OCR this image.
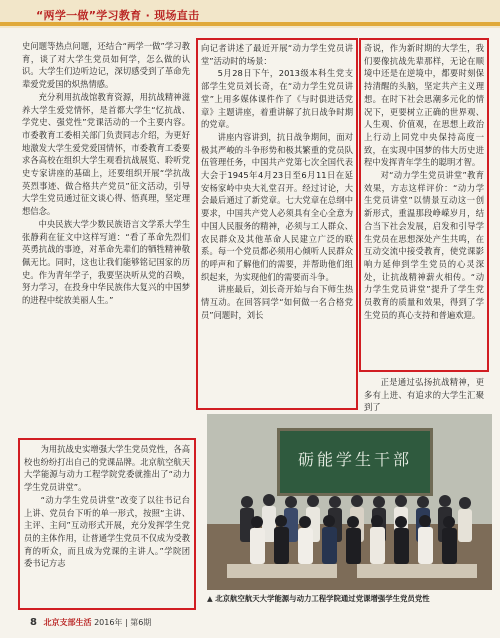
“两学一做”学习教育 · 现场直击

史问题等热点问题，还结合“两学一做”学习教育，谈了对大学生党员如何学，怎么做的认识。大学生们边听边记，深切感受到了革命先辈爱党爱国的炽热情感。

充分利用抗战馆教育资源，用抗战精神滋养大学生爱党情怀，是首都大学生“忆抗战、学党史、强党性”党课活动的一个主要内容。市委教育工委相关部门负责同志介绍，为更好地激发大学生爱党爱国情怀，市委教育工委要求各高校在组织大学生观看抗战展览、聆听党史专家讲座的基础上，还要组织开展“学抗战英烈事迹、做合格共产党员”征文活动，引导大学生党员通过征文谈心得、悟真理，坚定理想信念。

中央民族大学少数民族语言文学系大学生张静莉在征文中这样写道：“看了革命先烈们英勇抗战的事迹，对革命先辈们的牺牲精神敬佩无比。同时，这也让我们能够铭记国家的历史。作为青年学子，我要坚决听从党的召唤，努力学习，在投身中华民族伟大复兴的中国梦的进程中绽放美丽人生。”

为用抗战史实增强大学生党员党性，各高校也纷纷打出自己的党课品牌。北京航空航天大学能源与动力工程学院党委就推出了“动力学生党员讲堂”。

“动力学生党员讲堂”改变了以往书记台上讲、党员台下听的单一形式，按照“主讲、主评、主问”互动形式开展，充分发挥学生党员的主体作用，让普通学生党员不仅成为受教育的听众，而且成为党课的主讲人。”学院团委书记方志

向记者讲述了最近开展“动力学生党员讲堂”活动时的场景：

5月28日下午，2013级本科生党支部学生党员刘长奇，在“动力学生党员讲堂”上用多媒体课件作了《与时俱进话党章》主题讲座，着重讲解了抗日战争时期的党章。

讲座内容讲到，抗日战争期间，面对极其严峻的斗争形势和极其繁重的党员队伍管理任务，中国共产党第七次全国代表大会于1945年4月23日至6月11日在延安杨家岭中央大礼堂召开。经过讨论，大会最后通过了新党章。七大党章在总纲中要求，中国共产党人必须具有全心全意为中国人民服务的精神，必须与工人群众、农民群众及其他革命人民建立广泛的联系。每一个党员都必须用心倾听人民群众的呼声和了解他们的需要，并帮助他们组织起来，为实现他们的需要而斗争。

讲座最后，刘长奇开始与台下师生热情互动。在回答同学“如何做一名合格党员”问题时，刘长

奇说，作为新时期的大学生，我们要像抗战先辈那样，无论在顺境中还是在逆境中，都要时刻保持清醒的头脑，坚定共产主义理想。在时下社会思潮多元化的情况下，更要树立正确的世界观、人生观、价值观，在思想上政治上行动上同党中央保持高度一致，在实现中国梦的伟大历史进程中发挥青年学生的聪明才智。

对“动力学生党员讲堂”教育效果，方志这样评价：“动力学生党员讲堂”以情景互动这一创新形式，重温那段峥嵘岁月，结合当下社会发展，启发和引导学生党员在思想深处产生共鸣，在互动交流中接受教育，使党课影响力延伸到学生党员的心灵深处，让抗战精神薪火相传。“动力学生党员讲堂”提升了学生党员教育的质量和效果，得到了学生党员的真心支持和普遍欢迎。

正是通过弘扬抗战精神，更多有上进、有追求的大学生汇聚到了

砺能学生干部
▲ 北京航空航天大学能源与动力工程学院通过党课增强学生党员党性
8 北京支部生活 2016年 | 第6期
